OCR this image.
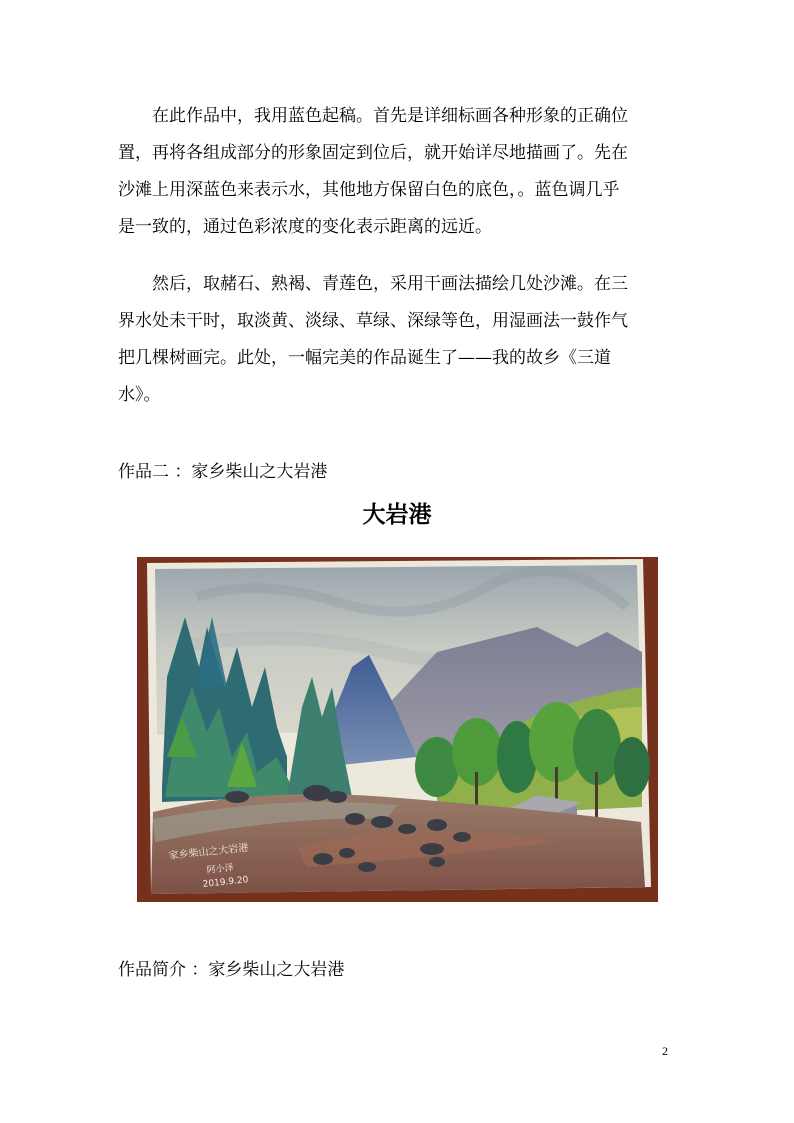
　　在此作品中，我用蓝色起稿。首先是详细标画各种形象的正确位
置，再将各组成部分的形象固定到位后，就开始详尽地描画了。先在
沙滩上用深蓝色来表示水，其他地方保留白色的底色，。蓝色调几乎
是一致的，通过色彩浓度的变化表示距离的远近。
　　然后，取赭石、熟褐、青莲色，采用干画法描绘几处沙滩。在三
界水处未干时，取淡黄、淡绿、草绿、深绿等色，用湿画法一鼓作气
把几棵树画完。此处，一幅完美的作品诞生了——我的故乡《三道
水》。

作品二 ：家乡柴山之大岩港

大岩港
家乡柴山之大岩港
阿小泽
2019.9.20

作品简介 ：家乡柴山之大岩港

2
